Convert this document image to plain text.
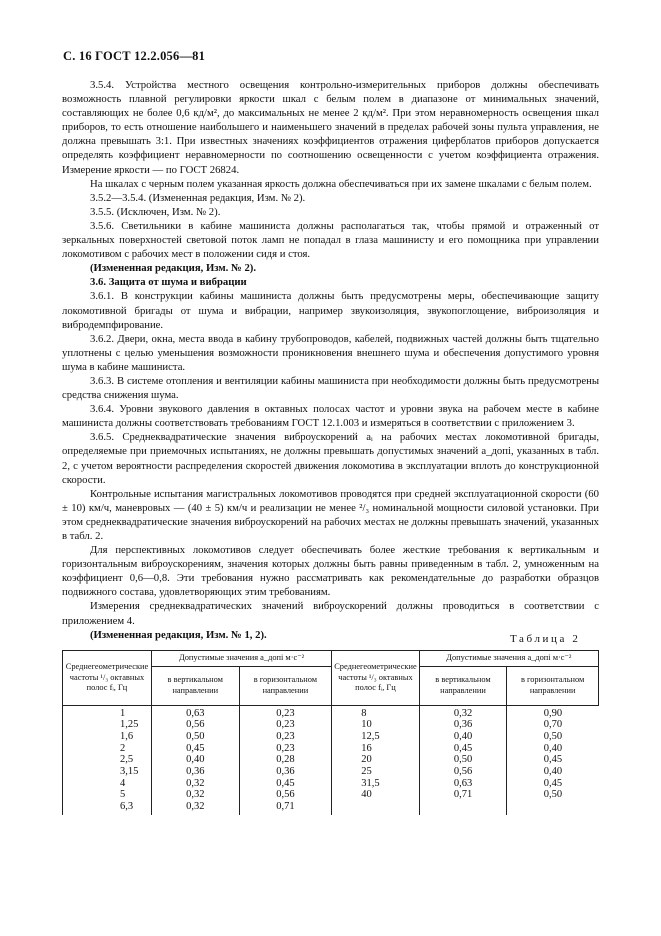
С. 16 ГОСТ 12.2.056—81

3.5.4. Устройства местного освещения контрольно-измерительных приборов должны обеспечивать возможность плавной регулировки яркости шкал с белым полем в диапазоне от минимальных значений, составляющих не более 0,6 кд/м², до максимальных не менее 2 кд/м². При этом неравномерность освещения шкал приборов, то есть отношение наибольшего и наименьшего значений в пределах рабочей зоны пульта управления, не должна превышать 3:1. При известных значениях коэффициентов отражения циферблатов приборов допускается определять коэффициент неравномерности по соотношению освещенности с учетом коэффициента отражения. Измерение яркости — по ГОСТ 26824.

На шкалах с черным полем указанная яркость должна обеспечиваться при их замене шкалами с белым полем.

3.5.2—3.5.4. (Измененная редакция, Изм. № 2).

3.5.5. (Исключен, Изм. № 2).

3.5.6. Светильники в кабине машиниста должны располагаться так, чтобы прямой и отраженный от зеркальных поверхностей световой поток ламп не попадал в глаза машинисту и его помощника при управлении локомотивом с рабочих мест в положении сидя и стоя.

(Измененная редакция, Изм. № 2).

3.6. Защита от шума и вибрации

3.6.1. В конструкции кабины машиниста должны быть предусмотрены меры, обеспечивающие защиту локомотивной бригады от шума и вибрации, например звукоизоляция, звукопоглощение, виброизоляция и вибродемпфирование.

3.6.2. Двери, окна, места ввода в кабину трубопроводов, кабелей, подвижных частей должны быть тщательно уплотнены с целью уменьшения возможности проникновения внешнего шума и обеспечения допустимого уровня шума в кабине машиниста.

3.6.3. В системе отопления и вентиляции кабины машиниста при необходимости должны быть предусмотрены средства снижения шума.

3.6.4. Уровни звукового давления в октавных полосах частот и уровни звука на рабочем месте в кабине машиниста должны соответствовать требованиям ГОСТ 12.1.003 и измеряться в соответствии с приложением 3.

3.6.5. Среднеквадратические значения виброускорений aᵢ на рабочих местах локомотивной бригады, определяемые при приемочных испытаниях, не должны превышать допустимых значений a_допi, указанных в табл. 2, с учетом вероятности распределения скоростей движения локомотива в эксплуатации вплоть до конструкционной скорости.

Контрольные испытания магистральных локомотивов проводятся при средней эксплуатационной скорости (60 ± 10) км/ч, маневровых — (40 ± 5) км/ч и реализации не менее ²/₃ номинальной мощности силовой установки. При этом среднеквадратические значения виброускорений на рабочих местах не должны превышать значений, указанных в табл. 2.

Для перспективных локомотивов следует обеспечивать более жесткие требования к вертикальным и горизонтальным виброускорениям, значения которых должны быть равны приведенным в табл. 2, умноженным на коэффициент 0,6—0,8. Эти требования нужно рассматривать как рекомендательные до разработки образцов подвижного состава, удовлетворяющих этим требованиям.

Измерения среднеквадратических значений виброускорений должны проводиться в соответствии с приложением 4.

(Измененная редакция, Изм. № 1, 2).	Таблица 2
Среднегеометрические частоты ¹/₃ октавных полос fᵢ, Гц	Допустимые значения a_допi м·с⁻²		Среднегеометрические частоты ¹/₃ октавных полос fᵢ, Гц	Допустимые значения a_допi м·с⁻²	
	в вертикальном направлении	в горизонтальном направлении		в вертикальном направлении	в горизонтальном направлении
1	0,63	0,23	8	0,32	0,90
1,25	0,56	0,23	10	0,36	0,70
1,6	0,50	0,23	12,5	0,40	0,50
2	0,45	0,23	16	0,45	0,40
2,5	0,40	0,28	20	0,50	0,45
3,15	0,36	0,36	25	0,56	0,40
4	0,32	0,45	31,5	0,63	0,45
5	0,32	0,56	40	0,71	0,50
6,3	0,32	0,71			
